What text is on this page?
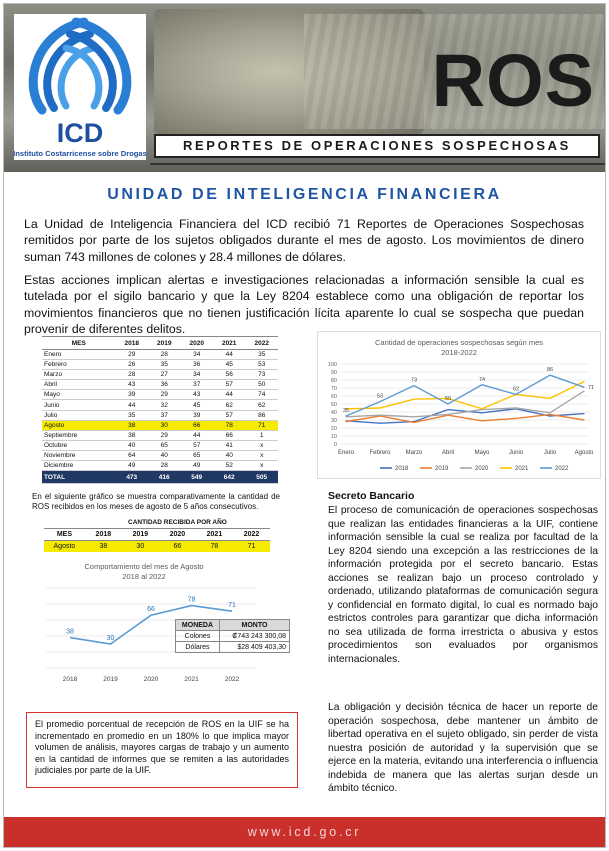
ICD
Instituto Costarricense sobre Drogas
ROS
REPORTES DE OPERACIONES SOSPECHOSAS
UNIDAD DE INTELIGENCIA FINANCIERA
La Unidad de Inteligencia Financiera del ICD recibió 71 Reportes de Operaciones Sospechosas remitidos por parte de los sujetos obligados durante el mes de agosto. Los movimientos de dinero suman 743 millones de colones y 28.4 millones de dólares.
Estas acciones implican alertas e investigaciones relacionadas a información sensible la cual es tutelada por el sigilo bancario y que la Ley 8204 establece como una obligación de reportar los movimientos financieros que no tienen justificación lícita aparente lo cual se sospecha que puedan provenir de diferentes delitos.
MES	2018	2019	2020	2021	2022
Enero	29	28	34	44	35
Febrero	26	35	36	45	53
Marzo	28	27	34	56	73
Abril	43	36	37	57	50
Mayo	39	29	43	44	74
Junio	44	32	45	62	62
Julio	35	37	39	57	86
Agosto	38	30	66	78	71
Septiembre	38	29	44	66	1
Octubre	40	65	57	41	x
Noviembre	64	40	65	40	x
Diciembre	49	28	49	52	x
TOTAL	473	416	549	642	505
Cantidad de operaciones sospechosas según mes
2018-2022
0
10
20
30
40
50
60
70
80
90
100
Enero	Febrero	Marzo	Abril	Mayo	Junio	Julio	Agosto
35
53
73
50
74
62
86
71
2018	2019	2020	2021	2022
En el siguiente gráfico se muestra comparativamente la cantidad de ROS recibidos en los meses de agosto de 5 años consecutivos.
	CANTIDAD RECIBIDA POR AÑO				
MES	2018	2019	2020	2021	2022
Agosto	38	30	66	78	71
Comportamiento del mes de Agosto
2018 al 2022
2018	2019	2020	2021	2022
38
30
66
78
71
MONEDA	MONTO
Colones	₡743 243 300,08
Dólares	$28 409 403,30
El promedio porcentual de recepción de ROS en la UIF se ha incrementado en promedio en un 180% lo que implica mayor volumen de análisis, mayores cargas de trabajo y un aumento en la cantidad de informes que se remiten a las autoridades judiciales por parte de la UIF.
Secreto Bancario
El proceso de comunicación de operaciones sospechosas que realizan las entidades financieras a la UIF, contiene información sensible la cual se realiza por facultad de la Ley 8204 siendo una excepción a las restricciones de la información protegida por el secreto bancario. Estas acciones se realizan bajo un proceso controlado y ordenado, utilizando plataformas de comunicación segura y confidencial en formato digital, lo cual es normado bajo estrictos controles para garantizar que dicha información no sea utilizada de forma irrestricta o abusiva y estos procedimientos son evaluados por organismos internacionales.
La obligación y decisión técnica de hacer un reporte de operación sospechosa, debe mantener un ámbito de libertad operativa en el sujeto obligado, sin perder de vista nuestra posición de autoridad y la supervisión que se ejerce en la materia, evitando una interferencia o influencia indebida de manera que las alertas surjan desde un ámbito técnico.
www.icd.go.cr
